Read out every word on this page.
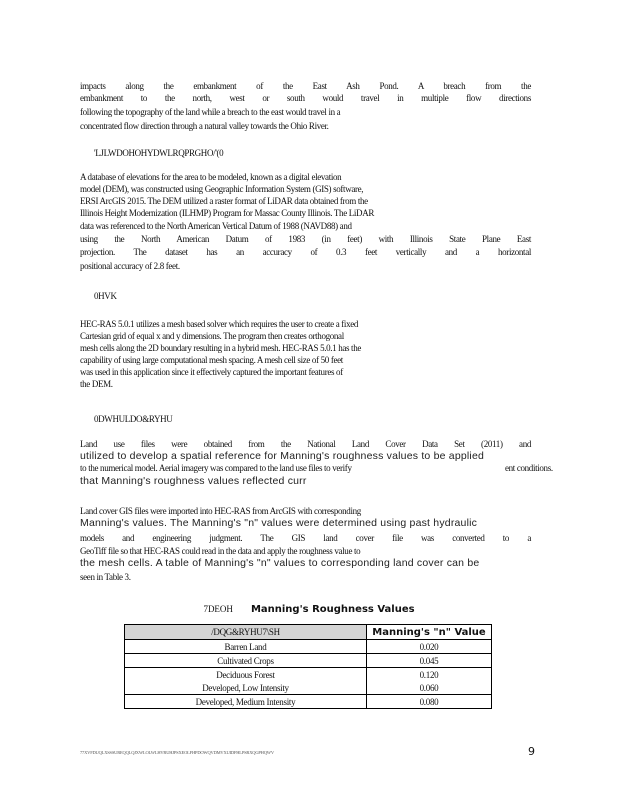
impacts along the embankment of the East Ash Pond. A breach from the
embankment to the north, west or south would travel in multiple flow directions
following the topography of the land while a breach to the east would travel in a
concentrated flow direction through a natural valley towards the Ohio River.
'LJLWDOHOHYDWLRQPRGHO/'(0
A database of elevations for the area to be modeled, known as a digital elevation
model (DEM), was constructed using Geographic Information System (GIS) software,
ERSI ArcGIS 2015. The DEM utilized a raster format of LiDAR data obtained from the
Illinois Height Modernization (ILHMP) Program for Massac County Illinois. The LiDAR
data was referenced to the North American Vertical Datum of 1988 (NAVD88) and
using the North American Datum of 1983 (in feet) with Illinois State Plane East
projection. The dataset has an accuracy of 0.3 feet vertically and a horizontal
positional accuracy of 2.8 feet.
0HVK
HEC-RAS 5.0.1 utilizes a mesh based solver which requires the user to create a fixed
Cartesian grid of equal x and y dimensions. The program then creates orthogonal
mesh cells along the 2D boundary resulting in a hybrid mesh. HEC-RAS 5.0.1 has the
capability of using large computational mesh spacing. A mesh cell size of 50 feet
was used in this application since it effectively captured the important features of
the DEM.
0DWHULDO&RYHU
Land use files were obtained from the National Land Cover Data Set (2011) and
utilized to develop a spatial reference for Manning's roughness values to be applied
to the numerical model. Aerial imagery was compared to the land use files to verify	ent conditions.
that Manning's roughness values reflected curr
Land cover GIS files were imported into HEC-RAS from ArcGIS with corresponding
Manning's values. The Manning's "n" values were determined using past hydraulic
models and engineering judgment. The GIS land cover file was converted to a
GeoTiff file so that HEC-RAS could read in the data and apply the roughness value to
the mesh cells. A table of Manning's "n" values to corresponding land cover can be
seen in Table 3.
7DEOH Manning's Roughness Values
/DQG&RYHU7\SH	Manning's "n" Value
Barren Land	0.020
Cultivated Crops	0.045
Deciduous Forest	0.120
Developed, Low Intensity	0.060
Developed, Medium Intensity	0.080
77XVFDUQLXSSSUREQQLQJXWLOLWLHVRUHJPSXEOLFHPDOWQVDMVXUIDFHLPSRXQGPHQWV	9
